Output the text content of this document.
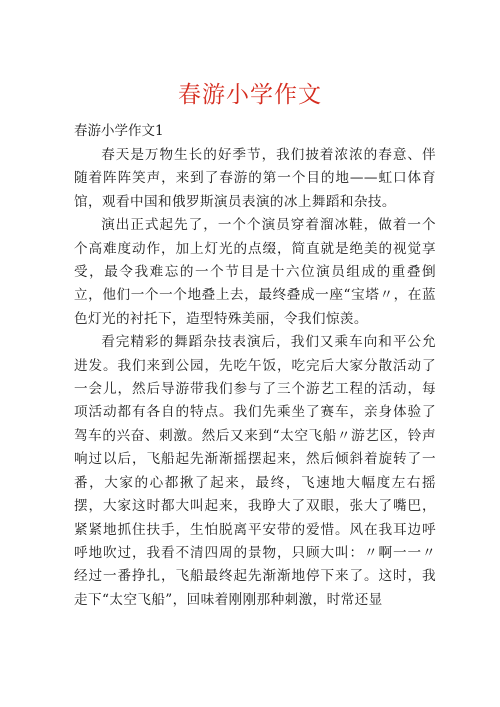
春游小学作文

春游小学作文1

春天是万物生长的好季节，我们披着浓浓的春意、伴随着阵阵笑声，来到了春游的第一个目的地——虹口体育馆，观看中国和俄罗斯演员表演的冰上舞蹈和杂技。

演出正式起先了，一个个演员穿着溜冰鞋，做着一个个高难度动作，加上灯光的点缀，简直就是绝美的视觉享受，最令我难忘的一个节目是十六位演员组成的重叠倒立，他们一个一个地叠上去，最终叠成一座“宝塔〃，在蓝色灯光的衬托下，造型特殊美丽，令我们惊羡。

看完精彩的舞蹈杂技表演后，我们又乘车向和平公允进发。我们来到公园，先吃午饭，吃完后大家分散活动了一会儿，然后导游带我们参与了三个游艺工程的活动，每项活动都有各自的特点。我们先乘坐了赛车，亲身体验了驾车的兴奋、刺激。然后又来到“太空飞船〃游艺区，铃声响过以后，飞船起先渐渐摇摆起来，然后倾斜着旋转了一番，大家的心都揪了起来，最终，飞速地大幅度左右摇摆，大家这时都大叫起来，我睁大了双眼，张大了嘴巴，紧紧地抓住扶手，生怕脱离平安带的爱惜。风在我耳边呼呼地吹过，我看不清四周的景物，只顾大叫：〃啊一一〃经过一番挣扎，飞船最终起先渐渐地停下来了。这时，我走下“太空飞船”，回味着刚刚那种刺激，时常还显
